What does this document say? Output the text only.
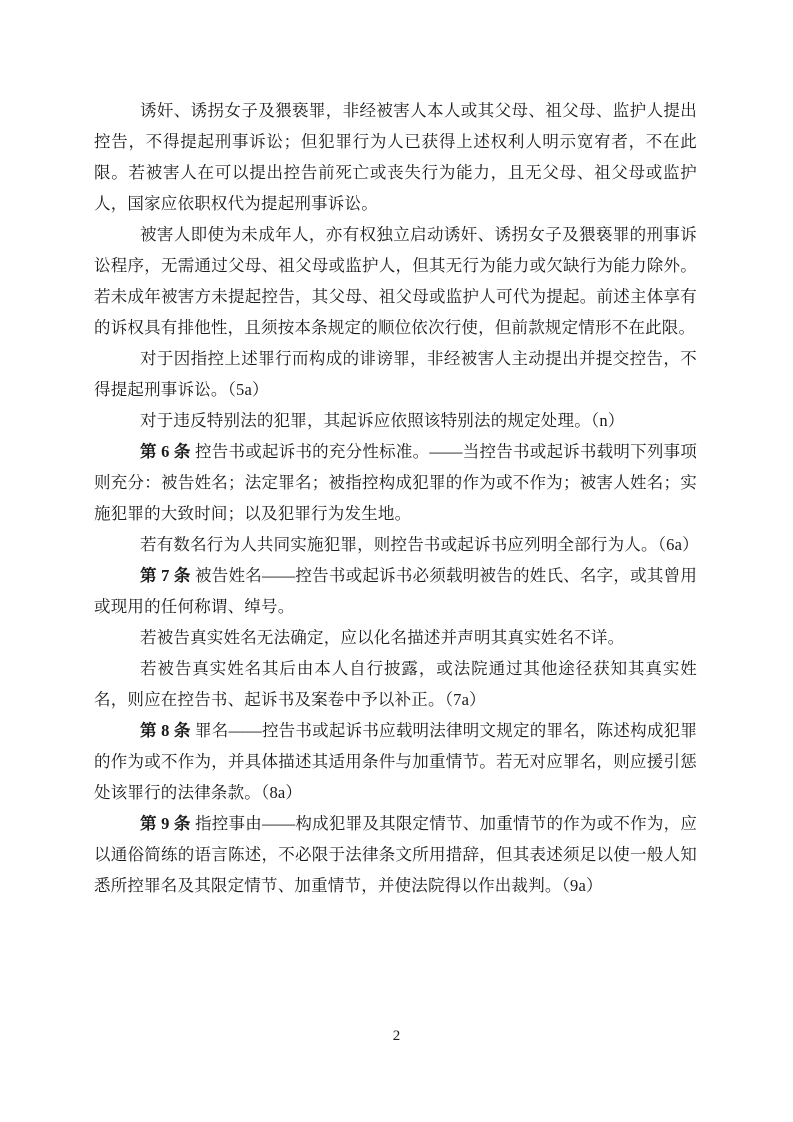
诱奸、诱拐女子及猥亵罪，非经被害人本人或其父母、祖父母、监护人提出控告，不得提起刑事诉讼；但犯罪行为人已获得上述权利人明示宽宥者，不在此限。若被害人在可以提出控告前死亡或丧失行为能力，且无父母、祖父母或监护人，国家应依职权代为提起刑事诉讼。

被害人即使为未成年人，亦有权独立启动诱奸、诱拐女子及猥亵罪的刑事诉讼程序，无需通过父母、祖父母或监护人，但其无行为能力或欠缺行为能力除外。若未成年被害方未提起控告，其父母、祖父母或监护人可代为提起。前述主体享有的诉权具有排他性，且须按本条规定的顺位依次行使，但前款规定情形不在此限。

对于因指控上述罪行而构成的诽谤罪，非经被害人主动提出并提交控告，不得提起刑事诉讼。（5a）

对于违反特别法的犯罪，其起诉应依照该特别法的规定处理。（n）

第 6 条 控告书或起诉书的充分性标准。——当控告书或起诉书载明下列事项则充分：被告姓名；法定罪名；被指控构成犯罪的作为或不作为；被害人姓名；实施犯罪的大致时间；以及犯罪行为发生地。

若有数名行为人共同实施犯罪，则控告书或起诉书应列明全部行为人。（6a）

第 7 条 被告姓名——控告书或起诉书必须载明被告的姓氏、名字，或其曾用或现用的任何称谓、绰号。

若被告真实姓名无法确定，应以化名描述并声明其真实姓名不详。

若被告真实姓名其后由本人自行披露，或法院通过其他途径获知其真实姓名，则应在控告书、起诉书及案卷中予以补正。（7a）

第 8 条 罪名——控告书或起诉书应载明法律明文规定的罪名，陈述构成犯罪的作为或不作为，并具体描述其适用条件与加重情节。若无对应罪名，则应援引惩处该罪行的法律条款。（8a）

第 9 条 指控事由——构成犯罪及其限定情节、加重情节的作为或不作为，应以通俗简练的语言陈述，不必限于法律条文所用措辞，但其表述须足以使一般人知悉所控罪名及其限定情节、加重情节，并使法院得以作出裁判。（9a）

2
